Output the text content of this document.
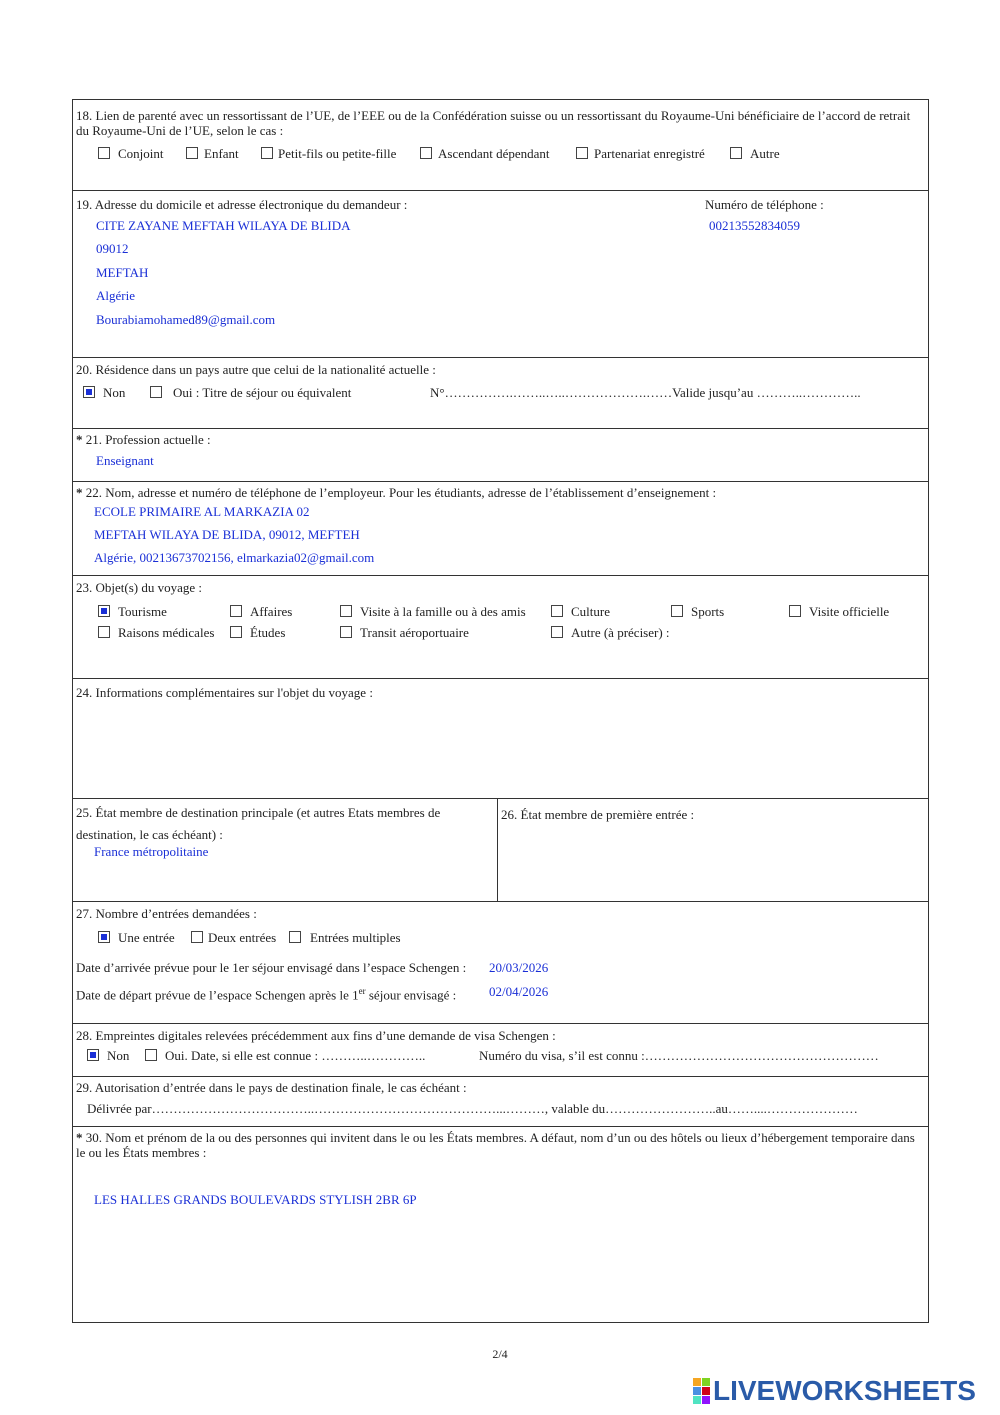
18. Lien de parenté avec un ressortissant de l’UE, de l’EEE ou de la Confédération suisse ou un ressortissant du Royaume-Uni bénéficiaire de l’accord de retrait du Royaume-Uni de l’UE, selon le cas :
Conjoint	Enfant	Petit-fils ou petite-fille	Ascendant dépendant	Partenariat enregistré	Autre
19. Adresse du domicile et adresse électronique du demandeur :	Numéro de téléphone :
00213552834059
CITE ZAYANE MEFTAH WILAYA DE BLIDA
09012
MEFTAH
Algérie
Bourabiamohamed89@gmail.com
20. Résidence dans un pays autre que celui de la nationalité actuelle :
Non	Oui : Titre de séjour ou équivalent	N°…………….……..…..……………….……Valide jusqu’au ………..…………..
* 21. Profession actuelle :
Enseignant
* 22. Nom, adresse et numéro de téléphone de l’employeur. Pour les étudiants, adresse de l’établissement d’enseignement :
ECOLE PRIMAIRE AL MARKAZIA 02
MEFTAH WILAYA DE BLIDA, 09012, MEFTEH
Algérie, 00213673702156, elmarkazia02@gmail.com
23. Objet(s) du voyage :
Tourisme	Affaires	Visite à la famille ou à des amis	Culture	Sports	Visite officielle
Raisons médicales	Études	Transit aéroportuaire	Autre (à préciser) :
24. Informations complémentaires sur l'objet du voyage :
25. État membre de destination principale (et autres Etats membres de
destination, le cas échéant) :
France métropolitaine
26. État membre de première entrée :
27. Nombre d’entrées demandées :
Une entrée	Deux entrées	Entrées multiples
Date d’arrivée prévue pour le 1er séjour envisagé dans l’espace Schengen : 20/03/2026
Date de départ prévue de l’espace Schengen après le 1er séjour envisagé :	02/04/2026
28. Empreintes digitales relevées précédemment aux fins d’une demande de visa Schengen :
Non	Oui. Date, si elle est connue : ………..…………..	Numéro du visa, s’il est connu :………………………………………………
29. Autorisation d’entrée dans le pays de destination finale, le cas échéant :
Délivrée par………………………………..……………………………………...………, valable du……………………..au……....…………………
* 30. Nom et prénom de la ou des personnes qui invitent dans le ou les États membres. A défaut, nom d’un ou des hôtels ou lieux d’hébergement temporaire dans le ou les États membres :
LES HALLES GRANDS BOULEVARDS STYLISH 2BR 6P
2/4
LIVEWORKSHEETS
